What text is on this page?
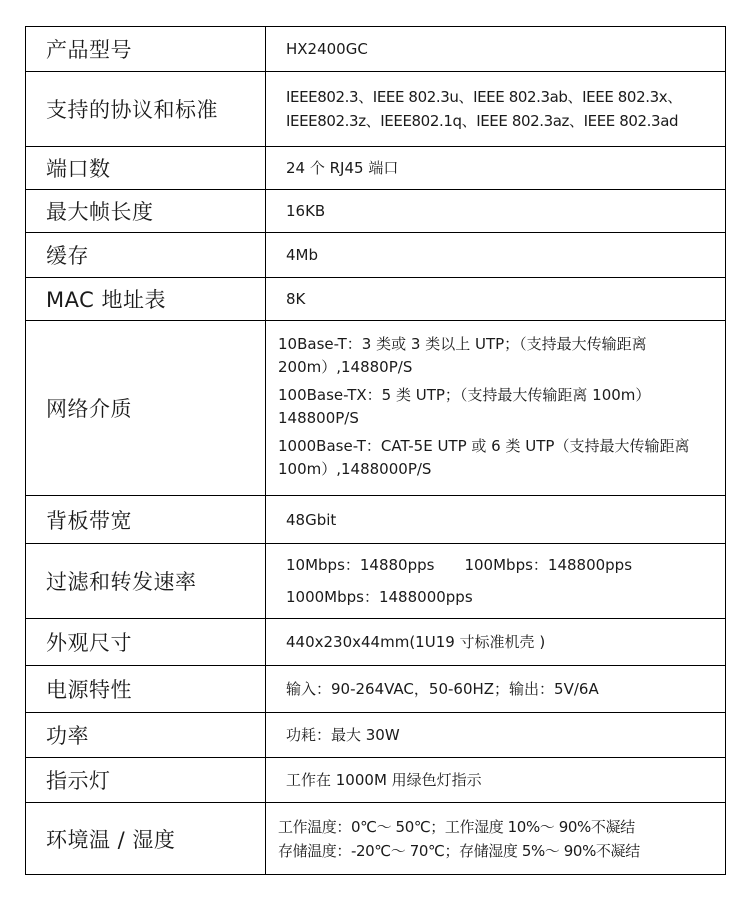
产品型号	HX2400GC
支持的协议和标准	IEEE802.3、IEEE 802.3u、IEEE 802.3ab、IEEE 802.3x、
IEEE802.3z、IEEE802.1q、IEEE 802.3az、IEEE 802.3ad

端口数	24 个 RJ45 端口
最大帧长度	16KB
缓存	4Mb
MAC 地址表	8K
网络介质	10Base-T：3 类或 3 类以上 UTP；（支持最大传输距离 200m）,14880P/S
100Base-TX：5 类 UTP；（支持最大传输距离 100m）148800P/S
1000Base-T：CAT-5E UTP 或 6 类 UTP（支持最大传输距离 100m）,1488000P/S

背板带宽	48Gbit
过滤和转发速率	10Mbps：14880pps 100Mbps：148800pps
1000Mbps：1488000pps

外观尺寸	440x230x44mm(1U19 寸标准机壳 )
电源特性	输入：90-264VAC，50-60HZ；输出：5V/6A
功率	功耗：最大 30W
指示灯	工作在 1000M 用绿色灯指示
环境温 / 湿度	工作温度：0℃～ 50℃；工作湿度 10%～ 90%不凝结
存储温度：-20℃～ 70℃；存储湿度 5%～ 90%不凝结
